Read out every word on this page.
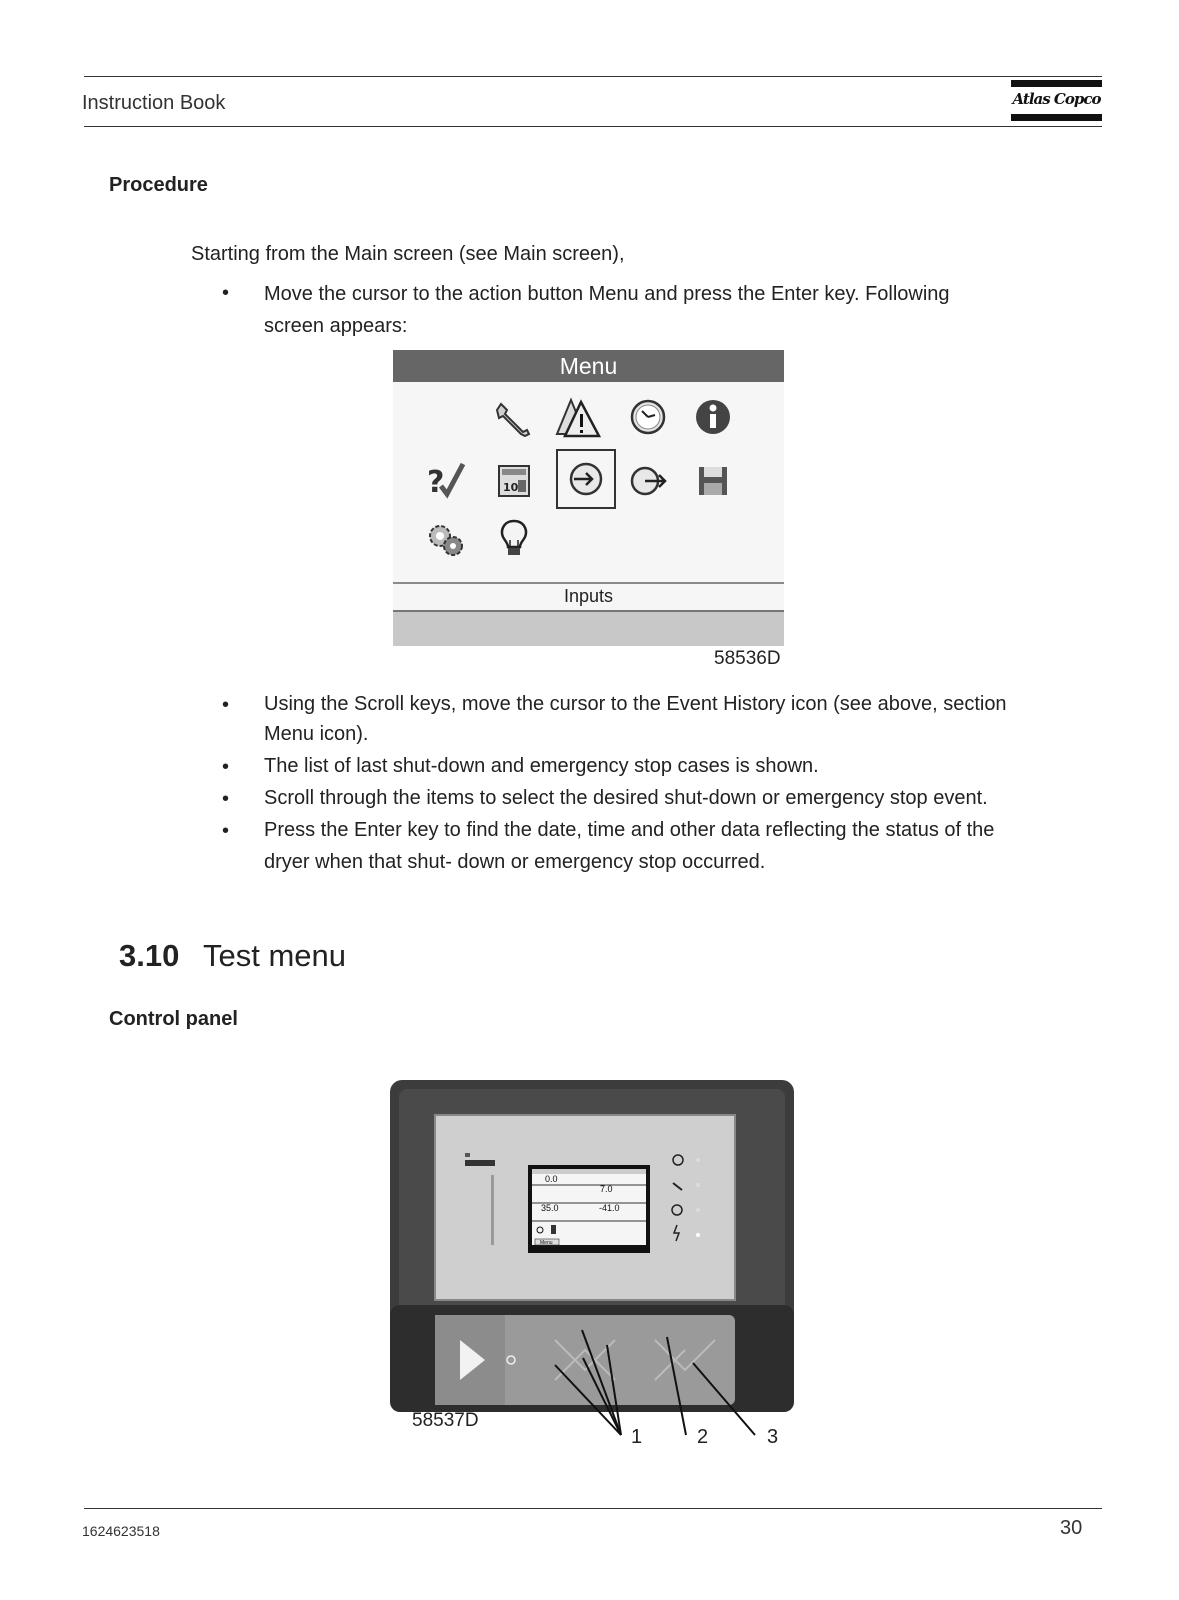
Instruction Book	Atlas Copco
Procedure
Starting from the Main screen (see Main screen),
• Move the cursor to the action button Menu and press the Enter key. Following
screen appears:
Menu
?	10
Inputs
58536D
• Using the Scroll keys, move the cursor to the Event History icon (see above, section
Menu icon).
• The list of last shut-down and emergency stop cases is shown.
• Scroll through the items to select the desired shut-down or emergency stop event.
• Press the Enter key to find the date, time and other data reflecting the status of the
dryer when that shut- down or emergency stop occurred.
3.10 Test menu
Control panel
0.0
7.0
35.0	-41.0
Menu
58537D
1	2	3
1624623518	30
